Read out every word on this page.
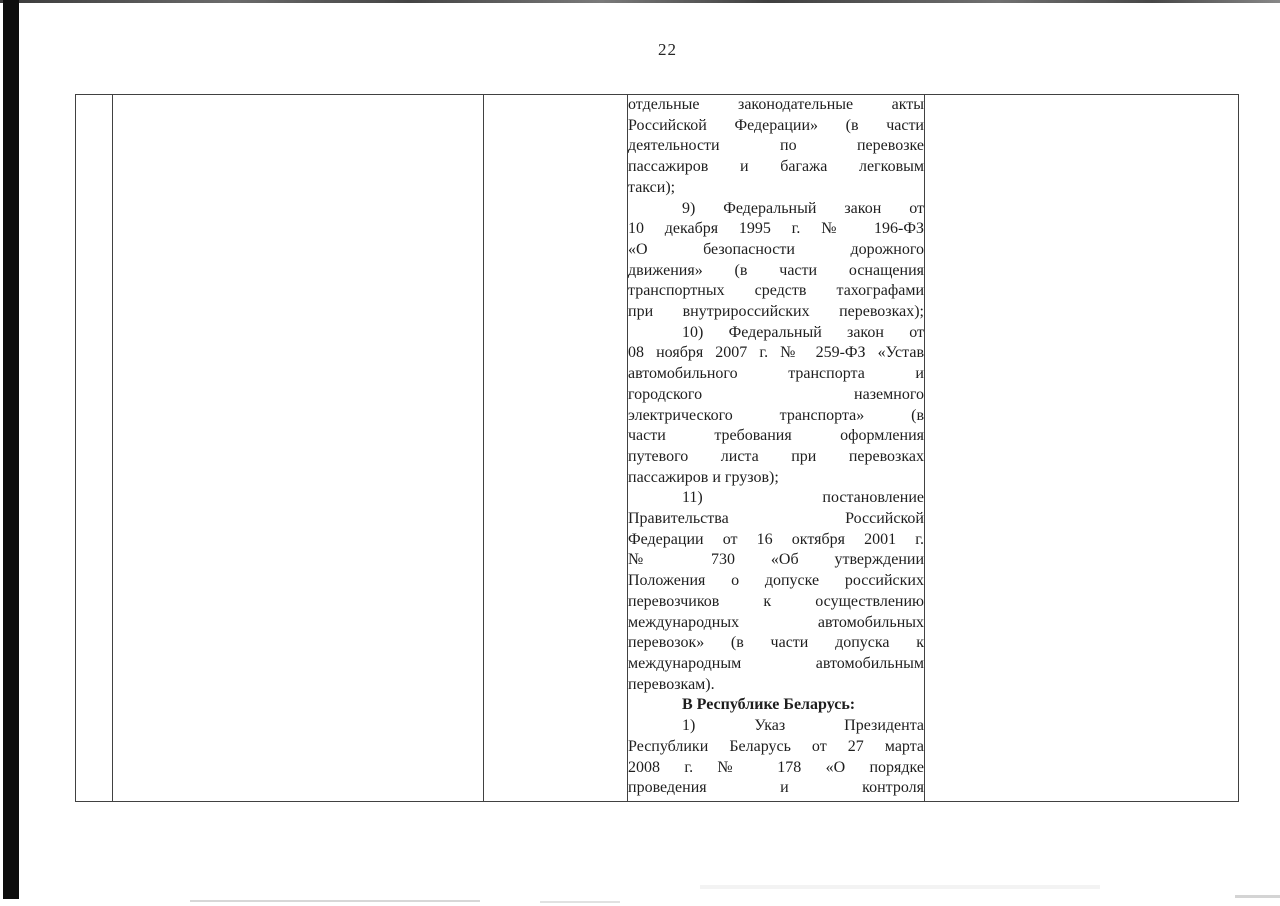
22

отдельные законодательные акты
Российской Федерации» (в части
деятельности по перевозке
пассажиров и багажа легковым
такси);
9) Федеральный закон от
10 декабря 1995 г. № 196-ФЗ
«О безопасности дорожного
движения» (в части оснащения
транспортных средств тахографами
при внутрироссийских перевозках);
10) Федеральный закон от
08 ноября 2007 г. № 259-ФЗ «Устав
автомобильного транспорта и
городского наземного
электрического транспорта» (в
части требования оформления
путевого листа при перевозках
пассажиров и грузов);
11) постановление
Правительства Российской
Федерации от 16 октября 2001 г.
№ 730 «Об утверждении
Положения о допуске российских
перевозчиков к осуществлению
международных автомобильных
перевозок» (в части допуска к
международным автомобильным
перевозкам).
В Республике Беларусь:
1) Указ Президента
Республики Беларусь от 27 марта
2008 г. № 178 «О порядке
проведения и контроля
